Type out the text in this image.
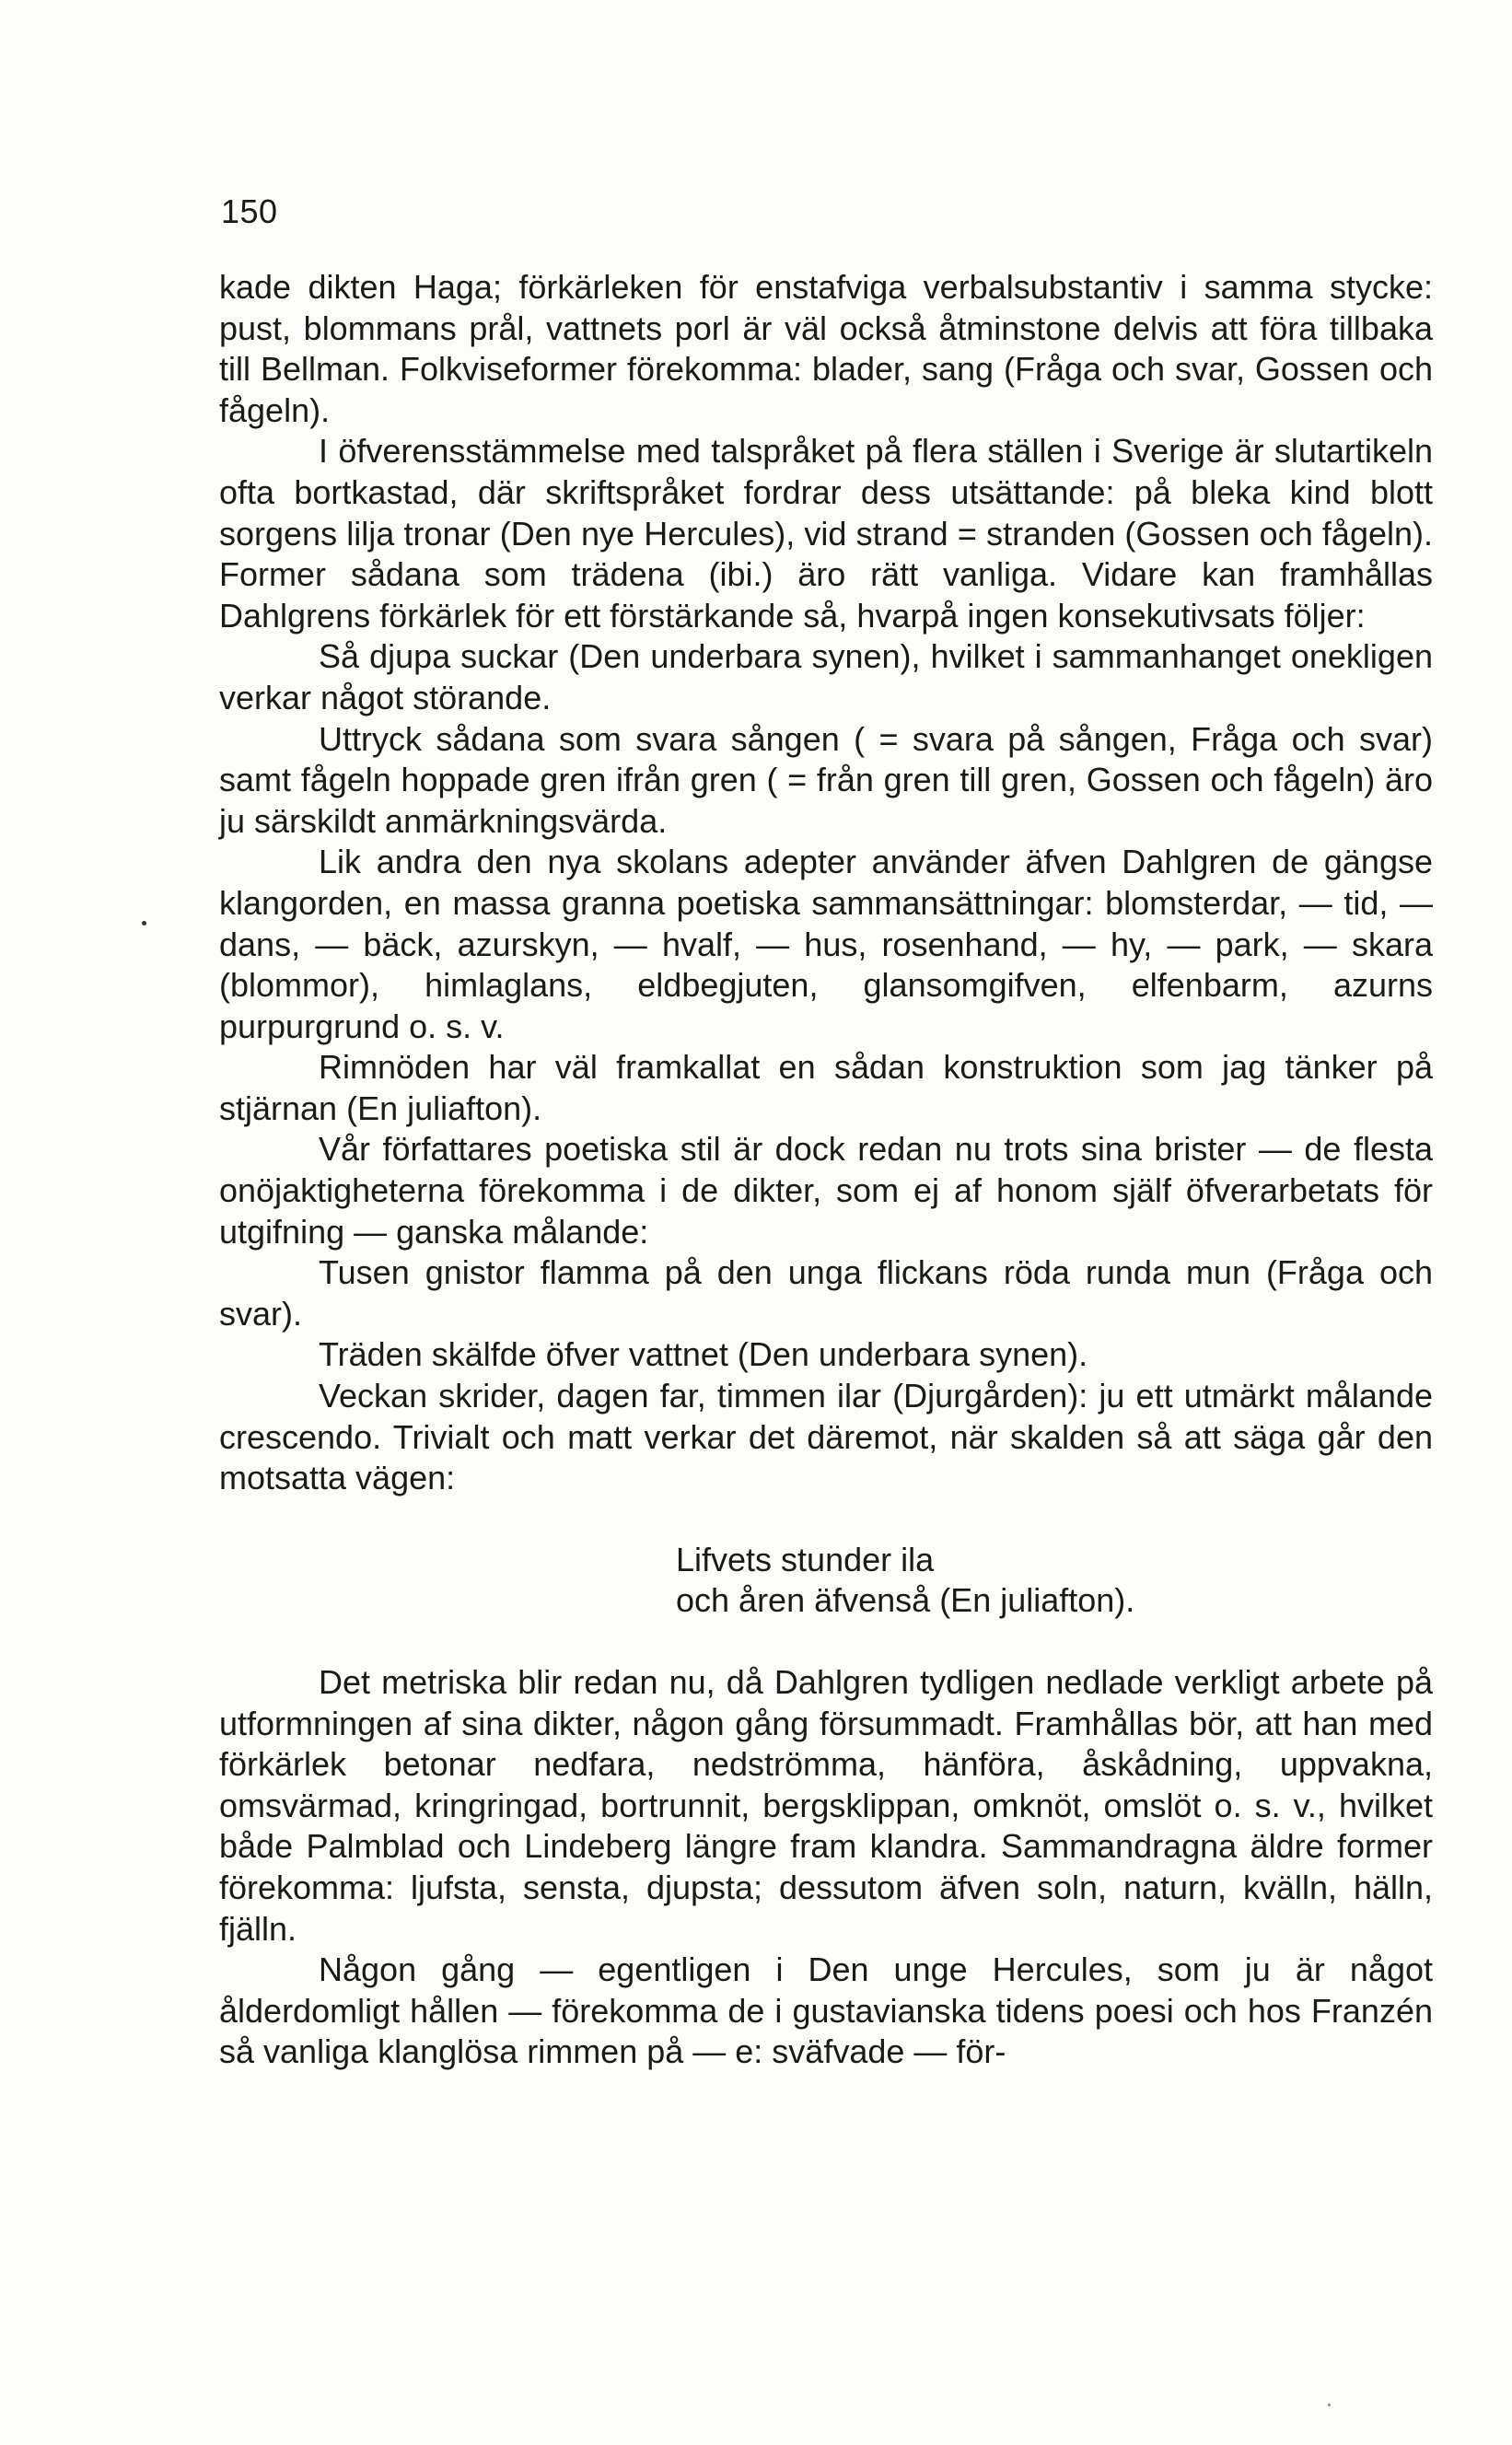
150

kade dikten Haga; förkärleken för enstafviga verbalsubstantiv i samma stycke: pust, blommans prål, vattnets porl är väl också åtminstone delvis att föra tillbaka till Bellman. Folkviseformer förekomma: blader, sang (Fråga och svar, Gossen och fågeln).

I öfverensstämmelse med talspråket på flera ställen i Sverige är slutartikeln ofta bortkastad, där skriftspråket fordrar dess utsättande: på bleka kind blott sorgens lilja tronar (Den nye Hercules), vid strand = stranden (Gossen och fågeln). Former sådana som trädena (ibi.) äro rätt vanliga. Vidare kan framhållas Dahlgrens förkärlek för ett förstärkande så, hvarpå ingen konsekutivsats följer:

Så djupa suckar (Den underbara synen), hvilket i sammanhanget onekligen verkar något störande.

Uttryck sådana som svara sången ( = svara på sången, Fråga och svar) samt fågeln hoppade gren ifrån gren ( = från gren till gren, Gossen och fågeln) äro ju särskildt anmärkningsvärda.

Lik andra den nya skolans adepter använder äfven Dahlgren de gängse klangorden, en massa granna poetiska sammansättningar: blomsterdar, — tid, — dans, — bäck, azurskyn, — hvalf, — hus, rosenhand, — hy, — park, — skara (blommor), himlaglans, eldbegjuten, glansomgifven, elfenbarm, azurns purpurgrund o. s. v.

Rimnöden har väl framkallat en sådan konstruktion som jag tänker på stjärnan (En juliafton).

Vår författares poetiska stil är dock redan nu trots sina brister — de flesta onöjaktigheterna förekomma i de dikter, som ej af honom själf öfverarbetats för utgifning — ganska målande:

Tusen gnistor flamma på den unga flickans röda runda mun (Fråga och svar).

Träden skälfde öfver vattnet (Den underbara synen).

Veckan skrider, dagen far, timmen ilar (Djurgården): ju ett utmärkt målande crescendo. Trivialt och matt verkar det däremot, när skalden så att säga går den motsatta vägen:

Lifvets stunder ila

och åren äfvenså (En juliafton).

Det metriska blir redan nu, då Dahlgren tydligen nedlade verkligt arbete på utformningen af sina dikter, någon gång försummadt. Framhållas bör, att han med förkärlek betonar nedfara, nedströmma, hänföra, åskådning, uppvakna, omsvärmad, kringringad, bortrunnit, bergsklippan, omknöt, omslöt o. s. v., hvilket både Palmblad och Lindeberg längre fram klandra. Sammandragna äldre former förekomma: ljufsta, sensta, djupsta; dessutom äfven soln, naturn, kvälln, hälln, fjälln.

Någon gång — egentligen i Den unge Hercules, som ju är något ålderdomligt hållen — förekomma de i gustavianska tidens poesi och hos Franzén så vanliga klanglösa rimmen på — e: sväfvade — för-
